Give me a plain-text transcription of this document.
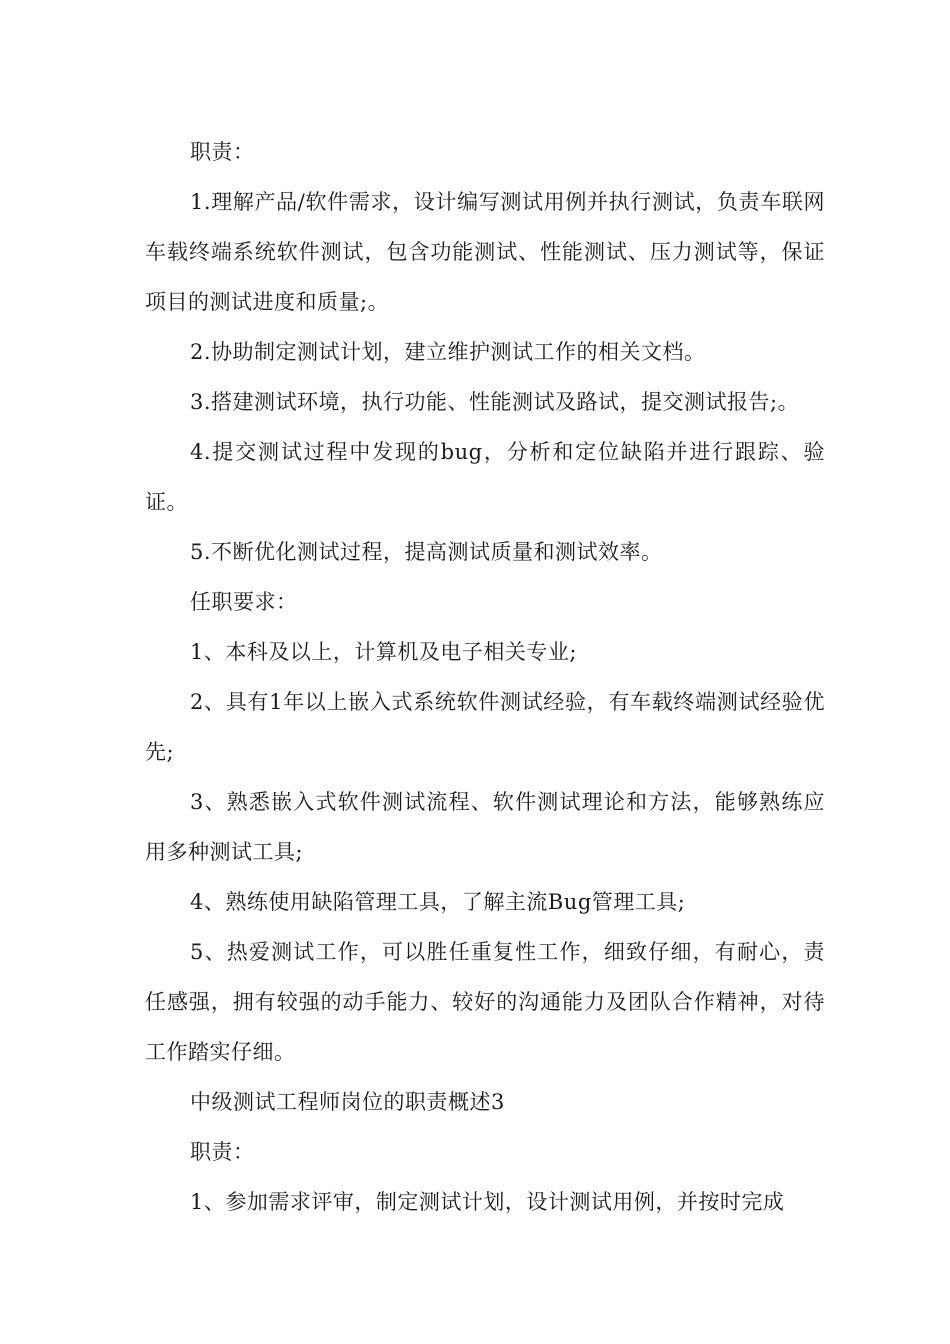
职责：

1.理解产品/软件需求，设计编写测试用例并执行测试，负责车联网车载终端系统软件测试，包含功能测试、性能测试、压力测试等，保证项目的测试进度和质量;。

2.协助制定测试计划，建立维护测试工作的相关文档。

3.搭建测试环境，执行功能、性能测试及路试，提交测试报告;。

4.提交测试过程中发现的bug，分析和定位缺陷并进行跟踪、验证。

5.不断优化测试过程，提高测试质量和测试效率。

任职要求：

1、本科及以上，计算机及电子相关专业;

2、具有1年以上嵌入式系统软件测试经验，有车载终端测试经验优先;

3、熟悉嵌入式软件测试流程、软件测试理论和方法，能够熟练应用多种测试工具;

4、熟练使用缺陷管理工具，了解主流Bug管理工具;

5、热爱测试工作，可以胜任重复性工作，细致仔细，有耐心，责任感强，拥有较强的动手能力、较好的沟通能力及团队合作精神，对待工作踏实仔细。

中级测试工程师岗位的职责概述3

职责：

1、参加需求评审，制定测试计划，设计测试用例，并按时完成
